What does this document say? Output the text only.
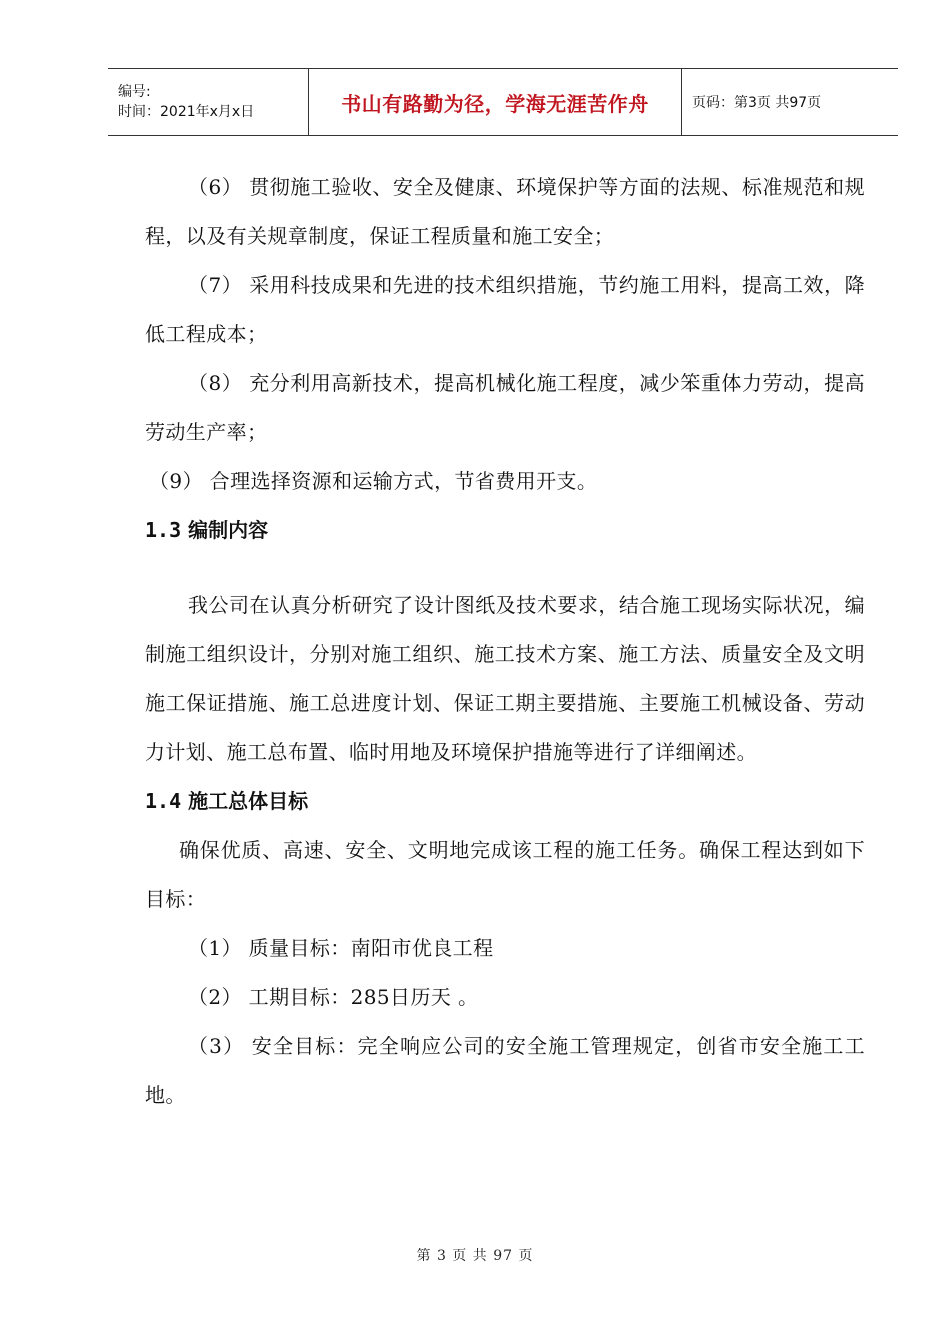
编号:
时间：2021年x月x日	书山有路勤为径，学海无涯苦作舟	页码：第3页 共97页

（6） 贯彻施工验收、安全及健康、环境保护等方面的法规、标准规范和规程，以及有关规章制度，保证工程质量和施工安全；

（7） 采用科技成果和先进的技术组织措施，节约施工用料，提高工效，降低工程成本；

（8） 充分利用高新技术，提高机械化施工程度，减少笨重体力劳动，提高劳动生产率；

（9） 合理选择资源和运输方式，节省费用开支。

1.3 编制内容

我公司在认真分析研究了设计图纸及技术要求，结合施工现场实际状况，编制施工组织设计，分别对施工组织、施工技术方案、施工方法、质量安全及文明施工保证措施、施工总进度计划、保证工期主要措施、主要施工机械设备、劳动力计划、施工总布置、临时用地及环境保护措施等进行了详细阐述。

1.4 施工总体目标

确保优质、高速、安全、文明地完成该工程的施工任务。确保工程达到如下目标：

（1） 质量目标：南阳市优良工程

（2） 工期目标：285日历天 。

（3） 安全目标：完全响应公司的安全施工管理规定，创省市安全施工工地。

第 3 页 共 97 页
